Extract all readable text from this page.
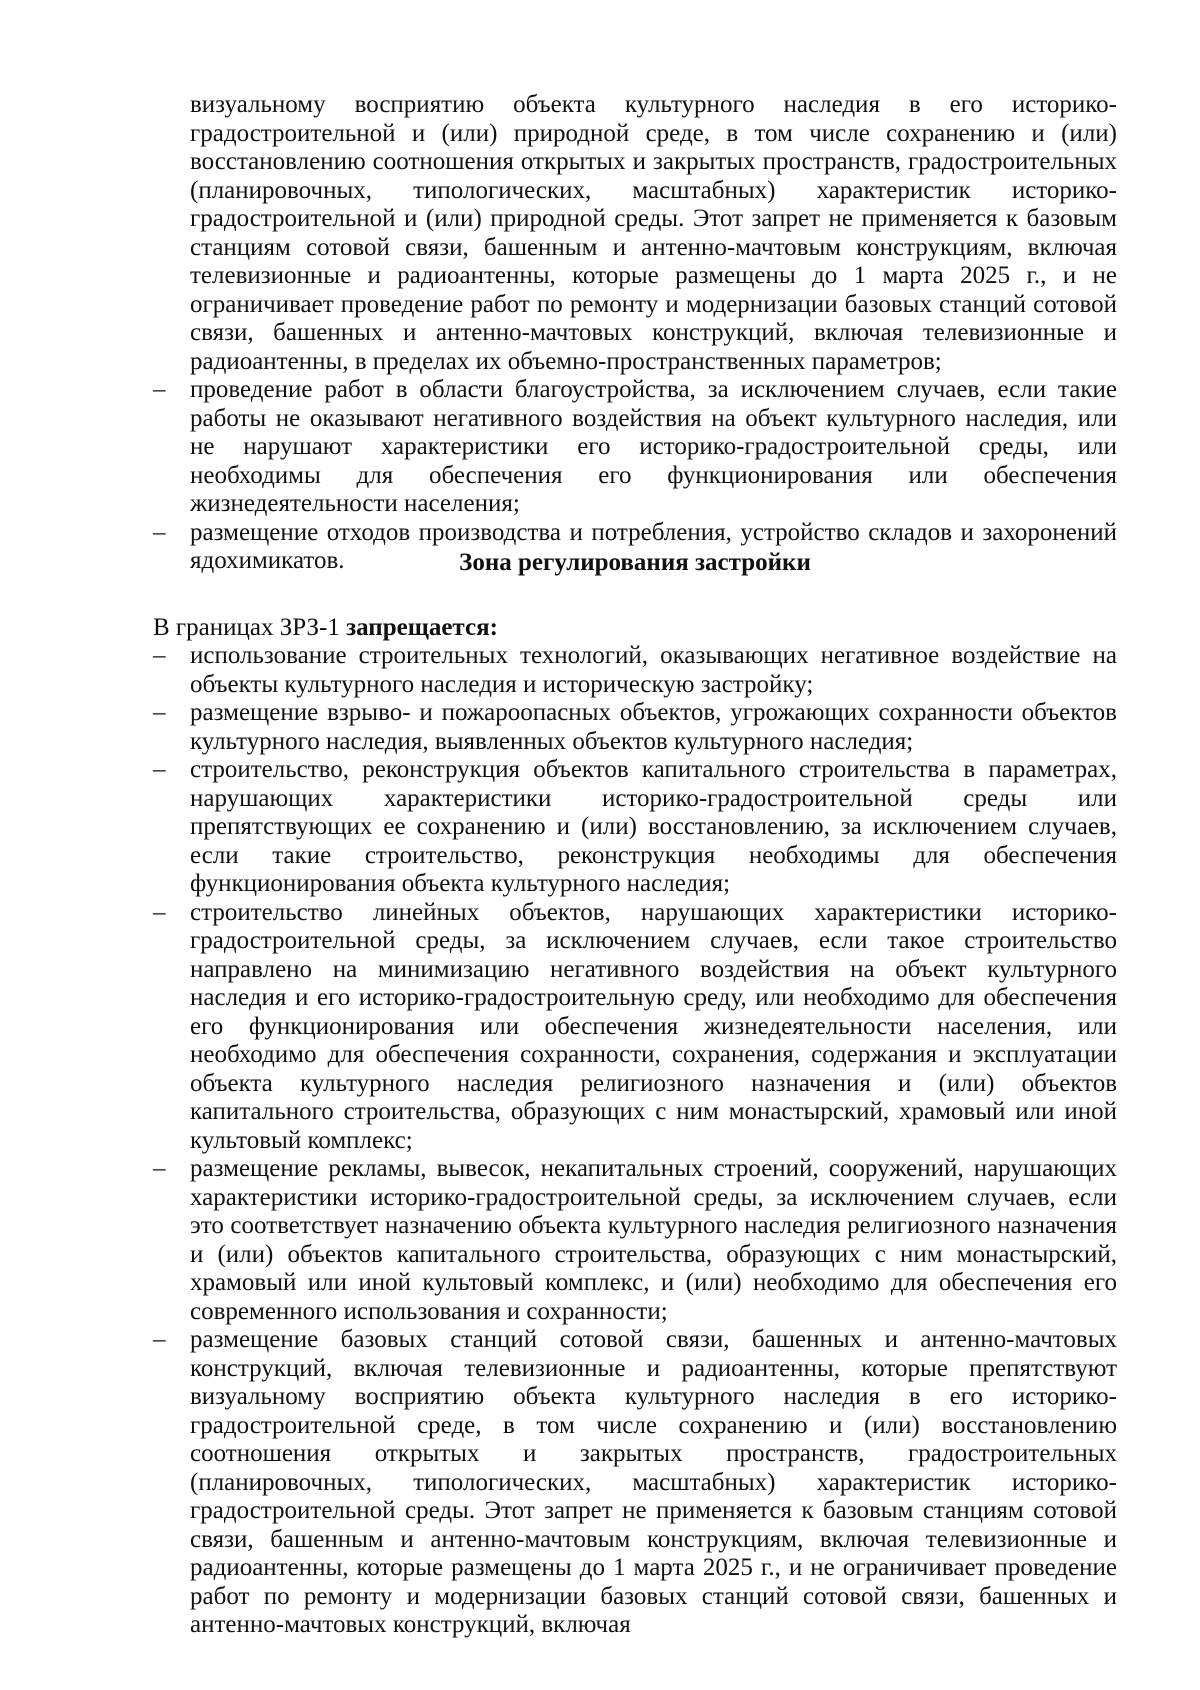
визуальному восприятию объекта культурного наследия в его историко-градостроительной и (или) природной среде, в том числе сохранению и (или) восстановлению соотношения открытых и закрытых пространств, градостроительных (планировочных, типологических, масштабных) характеристик историко-градостроительной и (или) природной среды. Этот запрет не применяется к базовым станциям сотовой связи, башенным и антенно-мачтовым конструкциям, включая телевизионные и радиоантенны, которые размещены до 1 марта 2025 г., и не ограничивает проведение работ по ремонту и модернизации базовых станций сотовой связи, башенных и антенно-мачтовых конструкций, включая телевизионные и радиоантенны, в пределах их объемно-пространственных параметров;

– проведение работ в области благоустройства, за исключением случаев, если такие работы не оказывают негативного воздействия на объект культурного наследия, или не нарушают характеристики его историко-градостроительной среды, или необходимы для обеспечения его функционирования или обеспечения жизнедеятельности населения;
– размещение отходов производства и потребления, устройство складов и захоронений ядохимикатов.	Зона регулирования застройки

В границах ЗРЗ-1 запрещается:

– использование строительных технологий, оказывающих негативное воздействие на объекты культурного наследия и историческую застройку;
– размещение взрыво- и пожароопасных объектов, угрожающих сохранности объектов культурного наследия, выявленных объектов культурного наследия;
– строительство, реконструкция объектов капитального строительства в параметрах, нарушающих характеристики историко-градостроительной среды или препятствующих ее сохранению и (или) восстановлению, за исключением случаев, если такие строительство, реконструкция необходимы для обеспечения функционирования объекта культурного наследия;
– строительство линейных объектов, нарушающих характеристики историко-градостроительной среды, за исключением случаев, если такое строительство направлено на минимизацию негативного воздействия на объект культурного наследия и его историко-градостроительную среду, или необходимо для обеспечения его функционирования или обеспечения жизнедеятельности населения, или необходимо для обеспечения сохранности, сохранения, содержания и эксплуатации объекта культурного наследия религиозного назначения и (или) объектов капитального строительства, образующих с ним монастырский, храмовый или иной культовый комплекс;
– размещение рекламы, вывесок, некапитальных строений, сооружений, нарушающих характеристики историко-градостроительной среды, за исключением случаев, если это соответствует назначению объекта культурного наследия религиозного назначения и (или) объектов капитального строительства, образующих с ним монастырский, храмовый или иной культовый комплекс, и (или) необходимо для обеспечения его современного использования и сохранности;
– размещение базовых станций сотовой связи, башенных и антенно-мачтовых конструкций, включая телевизионные и радиоантенны, которые препятствуют визуальному восприятию объекта культурного наследия в его историко-градостроительной среде, в том числе сохранению и (или) восстановлению соотношения открытых и закрытых пространств, градостроительных (планировочных, типологических, масштабных) характеристик историко-градостроительной среды. Этот запрет не применяется к базовым станциям сотовой связи, башенным и антенно-мачтовым конструкциям, включая телевизионные и радиоантенны, которые размещены до 1 марта 2025 г., и не ограничивает проведение работ по ремонту и модернизации базовых станций сотовой связи, башенных и антенно-мачтовых конструкций, включая
